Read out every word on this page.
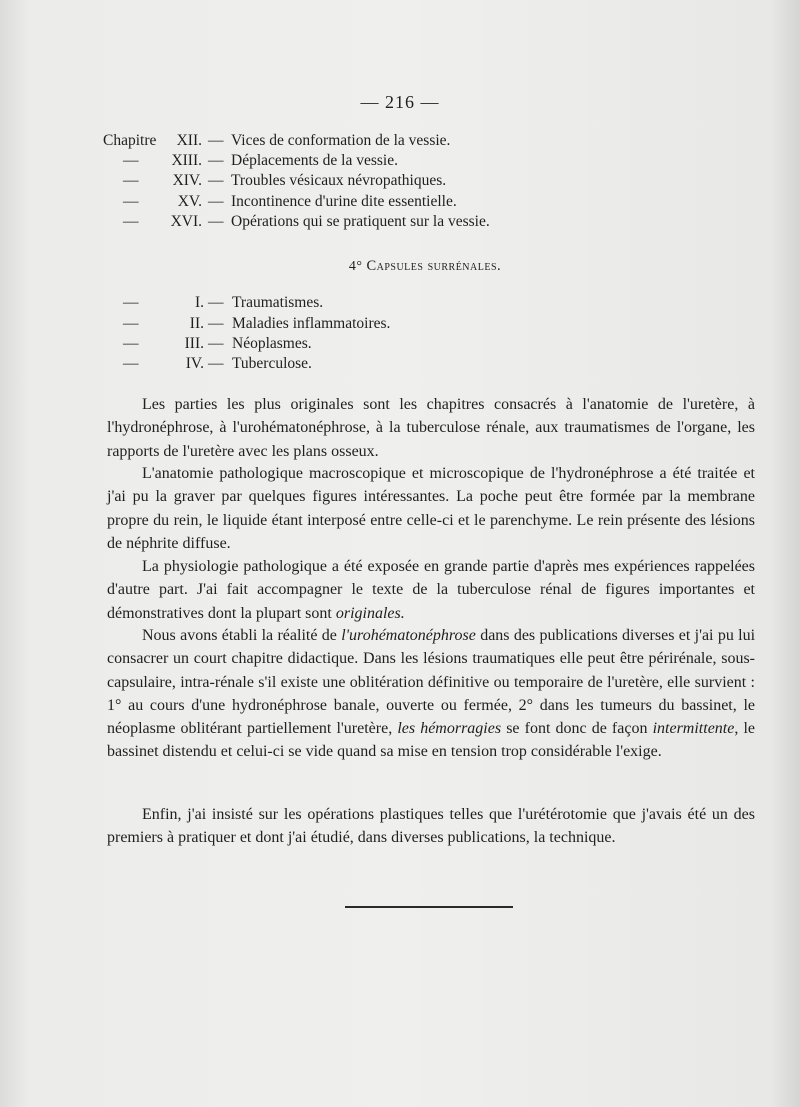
— 216 —
Chapitre	XII. — Vices de conformation de la vessie.
—	XIII. — Déplacements de la vessie.
—	XIV. — Troubles vésicaux névropathiques.
—	XV. — Incontinence d'urine dite essentielle.
—	XVI. — Opérations qui se pratiquent sur la vessie.
4° Capsules surrénales.
—	I. — Traumatismes.
—	II. — Maladies inflammatoires.
—	III. — Néoplasmes.
—	IV. — Tuberculose.

Les parties les plus originales sont les chapitres consacrés à l'anatomie de l'uretère, à l'hydronéphrose, à l'urohématonéphrose, à la tuberculose rénale, aux traumatismes de l'organe, les rapports de l'uretère avec les plans osseux.

L'anatomie pathologique macroscopique et microscopique de l'hydronéphrose a été traitée et j'ai pu la graver par quelques figures intéressantes. La poche peut être formée par la membrane propre du rein, le liquide étant interposé entre celle-ci et le parenchyme. Le rein présente des lésions de néphrite diffuse.

La physiologie pathologique a été exposée en grande partie d'après mes expériences rappelées d'autre part. J'ai fait accompagner le texte de la tuberculose rénal de figures importantes et démonstratives dont la plupart sont originales.

Nous avons établi la réalité de l'urohématonéphrose dans des publications diverses et j'ai pu lui consacrer un court chapitre didactique. Dans les lésions traumatiques elle peut être périrénale, sous-capsulaire, intra-rénale s'il existe une oblitération définitive ou temporaire de l'uretère, elle survient : 1° au cours d'une hydronéphrose banale, ouverte ou fermée, 2° dans les tumeurs du bassinet, le néoplasme oblitérant partiellement l'uretère, les hémorragies se font donc de façon intermittente, le bassinet distendu et celui-ci se vide quand sa mise en tension trop considérable l'exige.

Enfin, j'ai insisté sur les opérations plastiques telles que l'urétérotomie que j'avais été un des premiers à pratiquer et dont j'ai étudié, dans diverses publications, la technique.
